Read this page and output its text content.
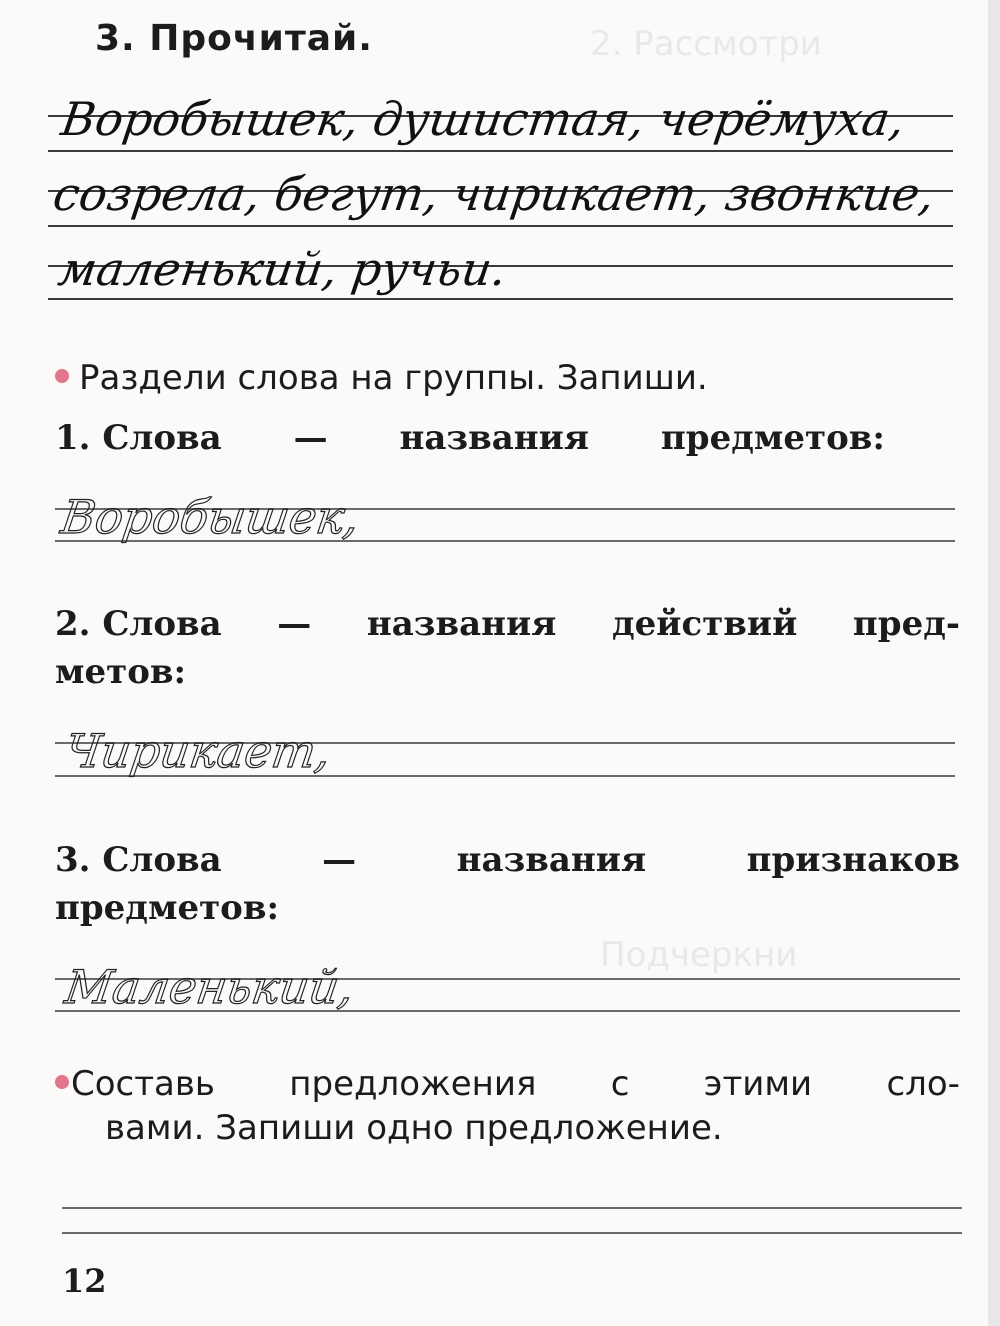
2. Рассмотри
Подчеркни
3. Прочитай.
Воробышек, душистая, черёмуха,
созрела, бегут, чирикает, звонкие,
маленький, ручьи.
Раздели слова на группы. Запиши.
1. Слова — названия предметов:
Воробышек,
2. Слова — названия действий пред-
метов:
Чирикает,
3. Слова	—	названия	признаков
предметов:
Маленький,
Составь предложения с этими сло-
вами. Запиши одно предложение.
12
